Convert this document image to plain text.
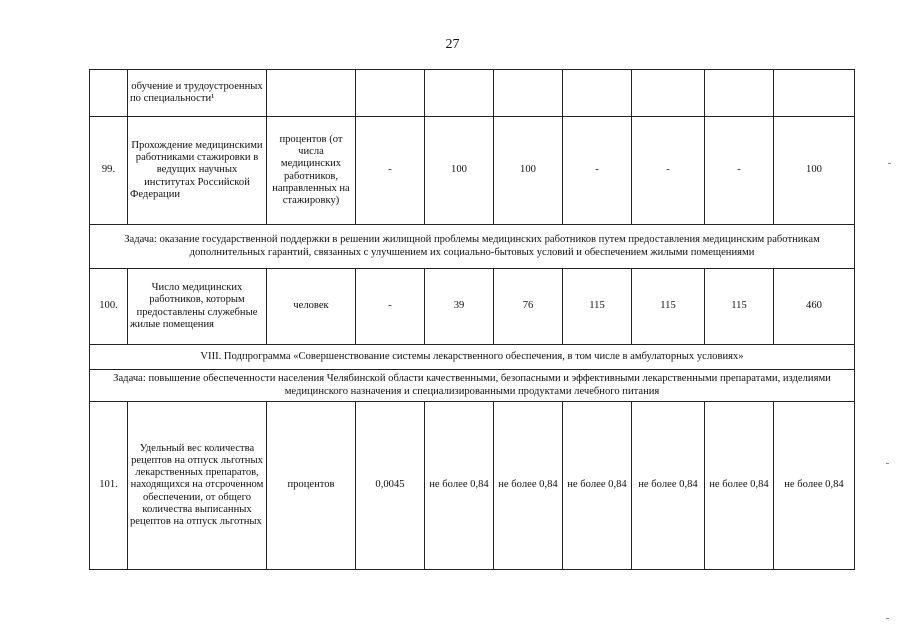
27
	обучение и трудоустроенных по специальности¹								
99.	Прохождение медицинскими работниками стажировки в ведущих научных институтах Российской Федерации	процентов (от числа медицинских работников, направленных на стажировку)	-	100	100	-	-	-	100
Задача: оказание государственной поддержки в решении жилищной проблемы медицинских работников путем предоставления медицинским работникам дополнительных гарантий, связанных с улучшением их социально-бытовых условий и обеспечением жилыми помещениями									
100.	Число медицинских работников, которым предоставлены служебные жилые помещения	человек	-	39	76	115	115	115	460
VIII. Подпрограмма «Совершенствование системы лекарственного обеспечения, в том числе в амбулаторных условиях»									
Задача: повышение обеспеченности населения Челябинской области качественными, безопасными и эффективными лекарственными препаратами, изделиями медицинского назначения и специализированными продуктами лечебного питания									
101.	Удельный вес количества рецептов на отпуск льготных лекарственных препаратов, находящихся на отсроченном обеспечении, от общего количества выписанных рецептов на отпуск льготных	процентов	0,0045	не более 0,84	не более 0,84	не более 0,84	не более 0,84	не более 0,84	не более 0,84
